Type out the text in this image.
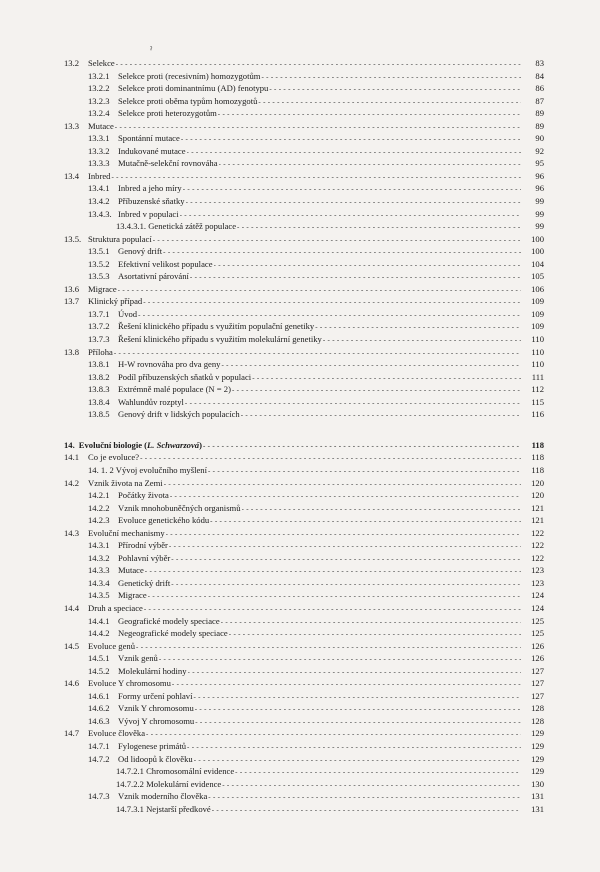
ˀ
13.2 Selekce - - -	83
13.2.1 Selekce proti (recesivním) homozygotům - - -	84
13.2.2 Selekce proti dominantnímu (AD) fenotypu - - -	86
13.2.3 Selekce proti oběma typům homozygotů - - -	87
13.2.4 Selekce proti heterozygotům - - -	89
13.3 Mutace - - -	89
13.3.1 Spontánní mutace - - -	90
13.3.2 Indukované mutace - - -	92
13.3.3 Mutačně-selekční rovnováha - - -	95
13.4 Inbred - - -	96
13.4.1 Inbred a jeho míry - - -	96
13.4.2 Příbuzenské sňatky - - -	99
13.4.3. Inbred v populaci - - -	99
13.4.3.1. Genetická zátěž populace - - -	99
13.5. Struktura populací - - -	100
13.5.1 Genový drift - - -	100
13.5.2 Efektivní velikost populace - - -	104
13.5.3 Asortativní párování - - -	105
13.6 Migrace - - -	106
13.7 Klinický případ - - -	109
13.7.1 Úvod - - -	109
13.7.2 Řešení klinického případu s využitím populační genetiky - - -	109
13.7.3 Řešení klinického případu s využitím molekulární genetiky - - -	110
13.8 Příloha - - -	110
13.8.1 H-W rovnováha pro dva geny - - -	110
13.8.2 Podíl příbuzenských sňatků v populaci - - -	111
13.8.3 Extrémně malé populace (N = 2) - - -	112
13.8.4 Wahlundův rozptyl - - -	115
13.8.5 Genový drift v lidských populacích - - -	116
14. Evoluční biologie (L. Schwarzová) - - -	118
14.1 Co je evoluce? - - -	118
14. 1. 2 Vývoj evolučního myšlení - - -	118
14.2 Vznik života na Zemi - - -	120
14.2.1 Počátky života - - -	120
14.2.2 Vznik mnohobuněčných organismů - - -	121
14.2.3 Evoluce genetického kódu - - -	121
14.3 Evoluční mechanismy - - -	122
14.3.1 Přírodní výběr - - -	122
14.3.2 Pohlavní výběr - - -	122
14.3.3 Mutace - - -	123
14.3.4 Genetický drift - - -	123
14.3.5 Migrace - - -	124
14.4 Druh a speciace - - -	124
14.4.1 Geografické modely speciace - - -	125
14.4.2 Negeografické modely speciace - - -	125
14.5 Evoluce genů - - -	126
14.5.1 Vznik genů - - -	126
14.5.2 Molekulární hodiny - - -	127
14.6 Evoluce Y chromosomu - - -	127
14.6.1 Formy určení pohlaví - - -	127
14.6.2 Vznik Y chromosomu - - -	128
14.6.3 Vývoj Y chromosomu - - -	128
14.7 Evoluce člověka - - -	129
14.7.1 Fylogenese primátů - - -	129
14.7.2 Od lidoopů k člověku - - -	129
14.7.2.1 Chromosomální evidence - - -	129
14.7.2.2 Molekulární evidence - - -	130
14.7.3 Vznik moderního člověka - - -	131
14.7.3.1 Nejstarší předkové - - -	131
